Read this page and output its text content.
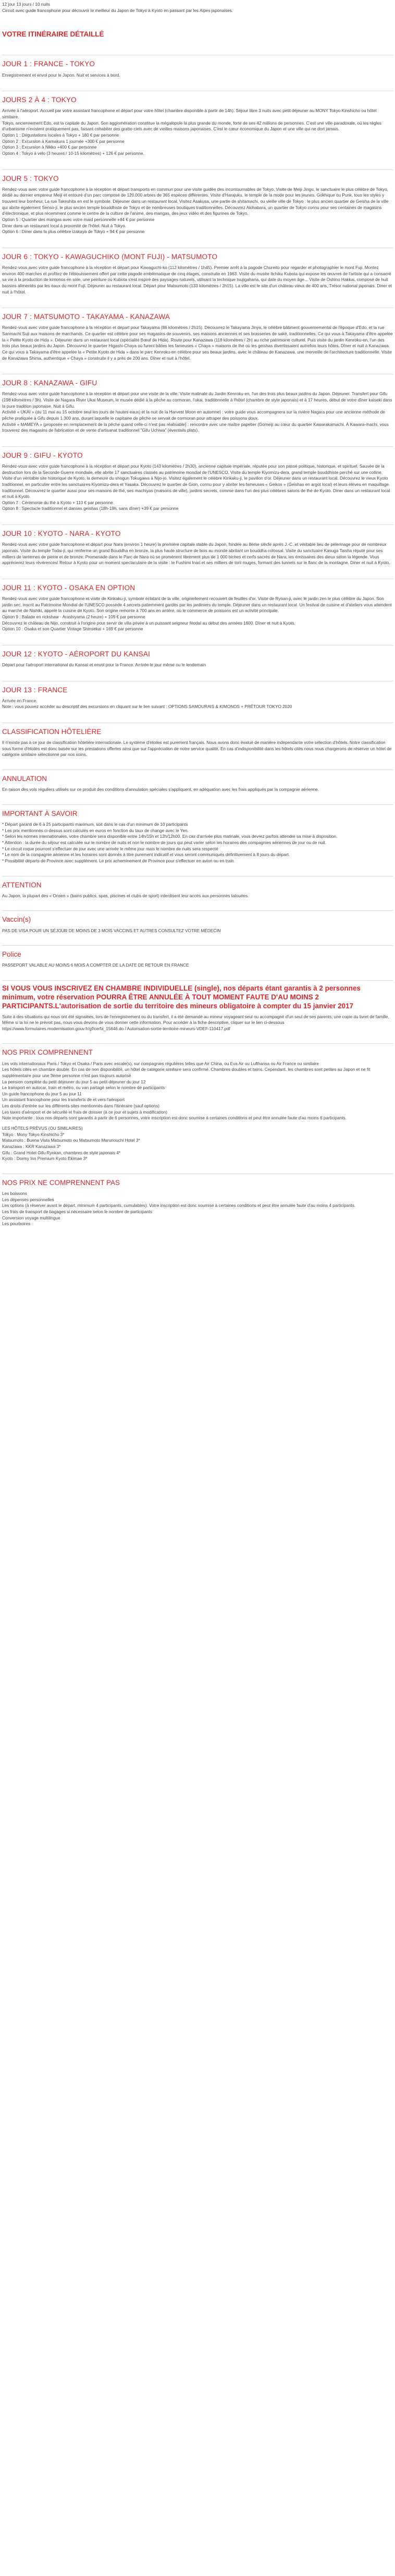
12 jour 13 jours / 10 nuits

Circuit avec guide francophone pour découvrir le meilleur du Japon de Tokyo à Kyoto en passant par les Alpes japonaises.

VOTRE ITINÉRAIRE DÉTAILLÉ
JOUR 1 : FRANCE - TOKYO

Enregistrement et envol pour le Japon. Nuit et services à bord.

JOURS 2 À 4 : TOKYO

Arrivée à l'aéroport. Accueil par votre assistant francophone et départ pour votre hôtel (chambre disponible à partir de 14h). Séjour libre 3 nuits avec petit déjeuner au MONY Tokyo Kinshicho ou hôtel similaire.

Tokyo, anciennement Edo, est la capitale du Japon. Son agglomération constitue la mégalopole la plus grande du monde, forte de ses 42 millions de personnes. C'est une ville paradoxale, où les règles d'urbanisme n'existent pratiquement pas, faisant cohabiter des gratte-ciels avec de vieilles maisons japonaises. C'est le cœur économique du Japon et une ville qui ne dort jamais.

Option 1 : Dégustations locales à Tokyo + 180 € par personne

Option 2 : Excursion à Kamakura 1 journée +300 € par personne

Option 3 : Excursion à Nikko +400 € par personne

Option 4 : Tokyo à vélo (3 heures / 10-15 kilomètres) + 126 € par personne.

JOUR 5 : TOKYO

Rendez-vous avec votre guide francophone à la réception et départ transports en commun pour une visite guidée des incontournables de Tokyo. Visite de Meiji Jingu, le sanctuaire le plus célèbre de Tokyo, dédié au dernier empereur Meiji et entouré d'un parc composé de 120.000 arbres de 365 espèces différentes. Visite d'Harajuku, le temple de la mode pour les jeunes. Gokhique ou Punk, tous les styles y trouvent leur bonheur. La rue Takeshita en est le symbole. Déjeuner dans un restaurant local. Visitez Asakusa, une partie de shitamachi, ou vieille ville de Tokyo : le plus ancien quartier de Geisha de la ville qui abrite également Senso-ji, le plus ancien temple bouddhiste de Tokyo et de nombreuses boutiques traditionnelles. Découvrez Akihabara, un quartier de Tokyo connu pour ses centaines de magasins d'électronique, et plus récemment comme le centre de la culture de l'anime, des mangas, des jeux vidéo et des figurines de Tokyo.

Option 5 : Quartier des mangas avec votre maid personnelle +84 € par personne

Diner dans un restaurant local à proximité de l'hôtel. Nuit à Tokyo.

Option 6 : Diner dans la plus célèbre izakaya de Tokyo + 94 € par personne

JOUR 6 : TOKYO - KAWAGUCHIKO (MONT FUJI) - MATSUMOTO

Rendez-vous avec votre guide francophone à la réception et départ pour Kawaguchi-ko (112 kilomètres / 1h45). Premier arrêt à la pagode Chureito pour regarder et photographier le mont Fuji. Montez environ 400 marches et profitez de l'éblouissement offert par cette pagode emblématique de cinq étages, construite en 1963. Visite du musée Itchiku Kubota qui expose les œuvres de l'artiste qui a consacré sa vie à la production de kimonos en soie, une peinture où Kubota s'est inspiré des paysages naturels, utilisant la technique tsujigahana, qui date du moyen âge... Visite de Oshino Hakkai, composé de huit bassins alimentés par les eaux du mont Fuji. Déjeuner au restaurant local. Départ pour Matsumoto (133 kilomètres / 2h15). La ville est le site d'un château vieux de 400 ans, Trésor national japonais. Diner et nuit à l'hôtel.

JOUR 7 : MATSUMOTO - TAKAYAMA - KANAZAWA

Rendez-vous avec votre guide francophone à la réception et départ pour Takayama (86 kilomètres / 2h15). Découvrez le Takayama Jinya, le célèbre bâtiment gouvernemental de l'époque d'Edo, et la rue Sanmachi Suji aux maisons de marchands. Ce quartier est célèbre pour ses magasins de souvenirs, ses maisons anciennes et ses brasseries de saké, traditionnelles. Ce qui vous à Takayama d'être appelée la « Petite Kyoto de Hida ». Déjeuner dans un restaurant local (spécialité Bœuf de Hida). Route pour Kanazawa (118 kilomètres / 2h) au riche patrimoine culturel. Puis visite du jardin Kenroku-en, l'un des trois plus beaux jardins du Japon. Découvrez le quartier Higashi-Chaya où furent bâties les fameuses « Chaya » maisons de thé où les geishas divertissaient autrefois leurs hôtes. Dîner et nuit à Kanazawa.

Ce qui vous à Takayama d'être appelée la « Petite Kyoto de Hida » dans le parc Kenroku-en célèbre pour ses beaux jardins, avec le château de Kanazawa, une merveille de l'architecture traditionnelle. Visite de Kanazawa Shima, authentique « Chaya » construite il y a près de 200 ans. Dîner et nuit à l'hôtel.

JOUR 8 : KANAZAWA - GIFU

Rendez-vous avec votre guide francophone à la réception et départ pour une visite de la ville. Visite matinale du Jardin Kenroku-en, l'un des trois plus beaux jardins du Japon. Déjeuner. Transfert pour Gifu (198 kilomètres / 3h). Visite de Nagara River Ukai Museum, le musée dédié à la pêche au cormoran, l'ukai, traditionnelle à l'hôtel (chambre de style japonais) et à 17 heures, début de votre dîner kaiseki dans la pure tradition japonaise. Nuit à Gifu.

Activité « UKAI » (du 11 mai au 15 octobre seul les jours de hautes eaux) et la nuit de la Harvest Moon en automne) : votre guide vous accompagnera sur la rivière Nagara pour une ancienne méthode de pêche pratiquée à Gifu depuis 1 300 ans, durant laquelle le capitaine de pêche se servait de cormoran pour attraper des poissons doux.

Activité « MAMEYA » (proposée en remplacement de la pêche quand celle-ci n'est pas réalisable) : rencontre avec une maître papetier (Gomeiji au cœur du quartier Kawarakamachi. À Kawara-machi, vous trouverez des magasins de fabrication et de vente d'artisanat traditionnel "Gifu Uchiwa" (éventails plats).

JOUR 9 : GIFU - KYOTO

Rendez-vous avec votre guide francophone à la réception et départ pour Kyoto (143 kilomètres / 2h30), ancienne capitale impériale, réputée pour son passé politique, historique, et spirituel. Sauvée de la destruction lors de la Seconde Guerre mondiale, elle abrite 17 sanctuaires classés au patrimoine mondial de l'UNESCO. Visite du temple Kiyomizu-dera, grand temple bouddhiste perché sur une colline. Visite d'un véritable site historique de Kyoto, la demeure du shogun Tokugawa à Nijo-jo. Visitez également le célèbre Kinkaku-ji, le pavillon d'or. Déjeuner dans un restaurant local. Découvrez le vieux Kyoto traditionnel, en particulier entre les sanctuaires Kiyomizu-dera et Yasaka. Découvrez le quartier de Gion, connu pour y abriter les fameuses « Geikos » (Geishas en argot local) et leurs élèves en maquillage traditionnel. Découvrez le quartier aussi pour ses maisons de thé, ses machiyas (maisons de ville), jardins secrets, comme dans l'un des plus célèbres salons de thé de Kyoto. Diner dans un restaurant local et nuit à Kyoto.

Option 7 : Cérémonie du thé à Kyoto + 110 € par personne.

Option 8 : Spectacle traditionnel et danses geishas (18h-19h, sans dîner) +39 € par personne

JOUR 10 : KYOTO - NARA - KYOTO

Rendez-vous avec votre guide francophone et départ pour Nara (environ 1 heure) la première capitale stable du Japon, fondée au 8ème siècle après J.-C. et véritable lieu de pèlerinage pour de nombreux japonais. Visite du temple Todai-ji, qui renferme un grand Bouddha en bronze, la plus haute structure de bois au monde abritant un bouddha colossal. Visite du sanctuaire Kasuga Taisha réputé pour ses milliers de lanternes de pierre et de bronze. Promenade dans le Parc de Nara où se promènent librement plus de 1 000 biches et cerfs sacrés de Nara, les émissaires des dieux selon la légende. Vous apprécierez leurs révérences! Retour à Kyoto pour un moment spectaculaire de la visite : le Fushimi Inari et ses milliers de torii rouges, formant des tunnels sur le flanc de la montagne. Diner et nuit à Kyoto.

JOUR 11 : KYOTO - OSAKA EN OPTION

Rendez-vous avec votre guide francophone et visite de Kinkaku-ji, symbole éclatant de la ville, originellement recouvert de feuilles d'or. Visite de Ryoan-ji, avec le jardin zen le plus célèbre du Japon. Son jardin sec, inscrit au Patrimoine Mondial de l'UNESCO possède 4 secrets patiemment gardés par les jardiniers du temple. Déjeuner dans un restaurant local. Un festival de cuisine et d'ateliers vous attendent au marché de Nishiki, appelé la cuisine de Kyoto. Son origine remonte à 700 ans en arrière, où le commerce de poissons est un activité principale.

Option 9 : Balade en rickshaw - Arashiyama (2 heure) + 109 € par personne

Découvrez le château de Nijo, construit à l'origine pour servir de villa privée à un puissant seigneur féodal au début des années 1600. Dîner et nuit à Kyoto.

Option 10 : Osaka et son Quartier Vintage Shinsekai + 169 € par personne

JOUR 12 : KYOTO - AÉROPORT DU KANSAI

Départ pour l'aéroport international du Kansaï et envol pour la France. Arrivée le jour même ou le lendemain

JOUR 13 : FRANCE

Arrivée en France.

Note : vous pouvez accéder au descriptif des excursions en cliquant sur le lien suivant : OPTIONS SAMOURAIS & KIMONOS + PRÉTOUR TOKYO 2020

CLASSIFICATION HÔTELIÈRE

Il n'existe pas à ce jour de classification hôtelière internationale. Le système d'étoiles est purement français. Nous avons donc évalué de manière indépendante votre sélection d'hôtels. Notre classification sous forme d'étoiles est donc basée sur les prestations offertes ainsi que sur l'appréciation de notre service qualité. En cas d'indisponibilité dans les hôtels cités nous nous chargerons de réserver un hôtel de catégorie similaire sélectionné par nos soins.

ANNULATION

En raison des vols réguliers utilisés sur ce produit des conditions d'annulation spéciales s'appliquent, en adéquation avec les frais appliqués par la compagnie aérienne.

IMPORTANT À SAVOIR

* Départ garanti de 6 à 25 participants maximum, soit dans le cas d'un minimum de 10 participants

* Les prix mentionnés ci-dessus sont calculés en euros en fonction du taux de change avec le Yen.

* Selon les normes internationales, votre chambre sera disponible entre 14h/15h et 12h/12h00. En cas d'arrivée plus matinale, vous devrez parfois attendre sa mise à disposition.

* Attention : la durée du séjour est calculée sur le nombre de nuits et non le nombre de jours qui peut varier selon les horaires des compagnies aériennes de jour ou de nuit.

* Le circuit roque pourront s'effectuer de jour avec une arrivée le même jour mais le nombre de nuits sera respecté

* Le nom de la compagnie aérienne et les horaires sont donnés à titre purement indicatif et vous seront communiqués définitivement à 8 jours du départ.

* Possibilité départs de Province avec supplément. Le prix acheminement de Province pour s'effectuer en avion ou en train.

ATTENTION

Au Japon, la plupart des « Onsen » (bains publics, spas, piscines et clubs de sport) interdisent leur accès aux personnes tatouées.

Vaccin(s)

PAS DE VISA POUR UN SÉJOUR DE MOINS DE 3 MOIS VACCINS ET AUTRES CONSULTEZ VOTRE MÉDECIN

Police

PASSEPORT VALABLE AU MOINS 6 MOIS A COMPTER DE LA DATE DE RETOUR EN FRANCE

SI VOUS VOUS INSCRIVEZ EN CHAMBRE INDIVIDUELLE (single), nos départs étant garantis à 2 personnes minimum, votre réservation POURRA ÊTRE ANNULÉE À TOUT MOMENT FAUTE D'AU MOINS 2 PARTICIPANTS.L'autorisation de sortie du territoire des mineurs obligatoire à compter du 15 janvier 2017

Suite à des situations qui nous ont été signalées, lors de l'enregistrement ou du transfert, il a été demandé au mineur voyageant seul ou accompagné d'un seul de ses parents, une copie du livret de famille.

Même si la loi ne le prévoit pas, nous vous devons de vous donner cette information. Pour accéder à la fiche descriptive, cliquer sur le lien ci-dessous

https://www.formulaires.modernisation.gouv.fr/gf/cerfa_15646.do / Autorisation-sortie-territoire-mineurs-VDEF-110417.pdf

NOS PRIX COMPRENNENT

Les vols internationaux Paris / Tokyo et Osaka / Paris avec escale(s), sur compagnies régulières telles que Air China, ou Eva Air ou Lufthansa ou Air France ou similaire

Les hôtels cités en chambre double. En cas de non disponibilité, un hôtel de catégorie similaire sera confirmé. Chambres doubles et twins. Cependant, les chambres sont petites au Japon et ne fit supplémentaire pour une 3ème personne n'est pas toujours autorisé

La pension complète du petit déjeuner du jour 5 au petit-déjeuner du jour 12

Le transport en autocar, train et métro, ou van partagé selon le nombre de participants

Un guide francophone du jour 5 au jour 11

Un assistant francophone pour les transferts de et vers l'aéroport

Les droits d'entrée sur les différents sites mentionnés dans l'itinéraire (sauf options)

Les taxes d'aéroport et de sécurité et frais de dossier (à ce jour et sujets à modification)

Note importante : tous nos départs sont garantis à partir de 6 personnes, votre inscription est donc soumise à certaines conditions et peut être annulée faute d'au moins 6 participants.

LES HÔTELS PRÉVUS (OU SIMILAIRES)

Tokyo : Mony Tokyo Kinshicho 3*

Matsumoto : Buena Vista Matsumoto ou Matsumoto Marunouchi Hotel 3*

Kanazawa : KKR Kanazawa 3*

Gifu : Grand Hotel Gifu Ryokan, chambres de style japonais 4*

Kyoto : Dormy Inn Premium Kyoto Ekimae 3*

NOS PRIX NE COMPRENNENT PAS

Les boissons

Les dépenses personnelles

Les options (à réserver avant le départ, minimum 4 participants, cumulables). Votre inscription est donc soumise à certaines conditions et peut être annulée faute d'au moins 4 participants.

Les frais de transport de bagages si nécessaire selon le nombre de participants

Conversion voyage multilingue

Les pourboires
